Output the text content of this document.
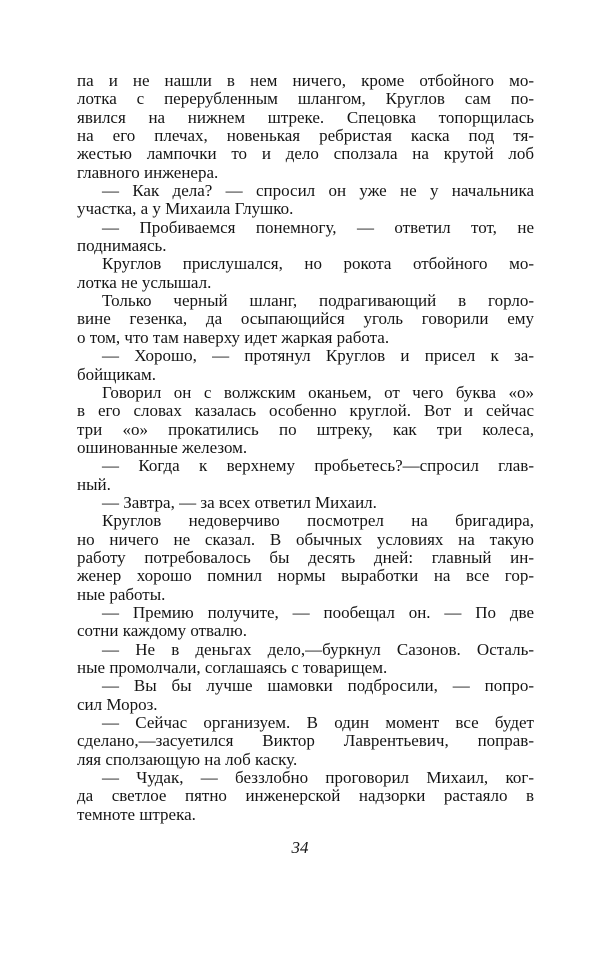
па и не нашли в нем ничего, кроме отбойного мо-
лотка с перерубленным шлангом, Круглов сам по-
явился на нижнем штреке. Спецовка топорщилась
на его плечах, новенькая ребристая каска под тя-
жестью лампочки то и дело сползала на крутой лоб
главного инженера.
— Как дела? — спросил он уже не у начальника
участка, а у Михаила Глушко.
— Пробиваемся понемногу, — ответил тот, не
поднимаясь.
Круглов прислушался, но рокота отбойного мо-
лотка не услышал.
Только черный шланг, подрагивающий в горло-
вине гезенка, да осыпающийся уголь говорили ему
о том, что там наверху идет жаркая работа.
— Хорошо, — протянул Круглов и присел к за-
бойщикам.
Говорил он с волжским оканьем, от чего буква «о»
в его словах казалась особенно круглой. Вот и сейчас
три «о» прокатились по штреку, как три колеса,
ошинованные железом.
— Когда к верхнему пробьетесь?—спросил глав-
ный.
— Завтра, — за всех ответил Михаил.
Круглов недоверчиво посмотрел на бригадира,
но ничего не сказал. В обычных условиях на такую
работу потребовалось бы десять дней: главный ин-
женер хорошо помнил нормы выработки на все гор-
ные работы.
— Премию получите, — пообещал он. — По две
сотни каждому отвалю.
— Не в деньгах дело,—буркнул Сазонов. Осталь-
ные промолчали, соглашаясь с товарищем.
— Вы бы лучше шамовки подбросили, — попро-
сил Мороз.
— Сейчас организуем. В один момент все будет
сделано,—засуетился Виктор Лаврентьевич, поправ-
ляя сползающую на лоб каску.
— Чудак, — беззлобно проговорил Михаил, ког-
да светлое пятно инженерской надзорки растаяло в
темноте штрека.
34
